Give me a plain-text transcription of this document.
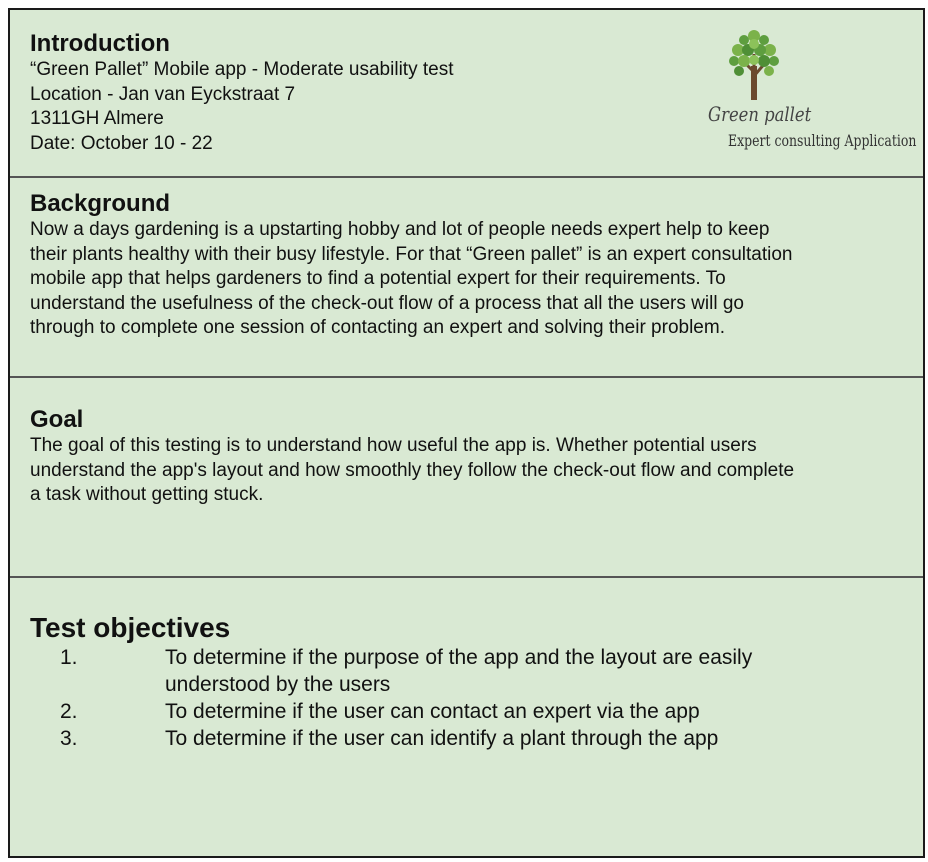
Introduction
“Green Pallet” Mobile app - Moderate usability test
Location - Jan van Eyckstraat 7
1311GH Almere
Date: October 10 - 22
Green pallet
Expert consulting Application
Background

Now a days gardening is a upstarting hobby and lot of people needs expert help to keep

their plants healthy with their busy lifestyle. For that “Green pallet” is an expert consultation

mobile app that helps gardeners to find a potential expert for their requirements. To

understand the usefulness of the check-out flow of a process that all the users will go

through to complete one session of contacting an expert and solving their problem.

Goal

The goal of this testing is to understand how useful the app is. Whether potential users

understand the app's layout and how smoothly they follow the check-out flow and complete

a task without getting stuck.

Test objectives
1.	To determine if the purpose of the app and the layout are easily
understood by the users
2.	To determine if the user can contact an expert via the app
3.	To determine if the user can identify a plant through the app
